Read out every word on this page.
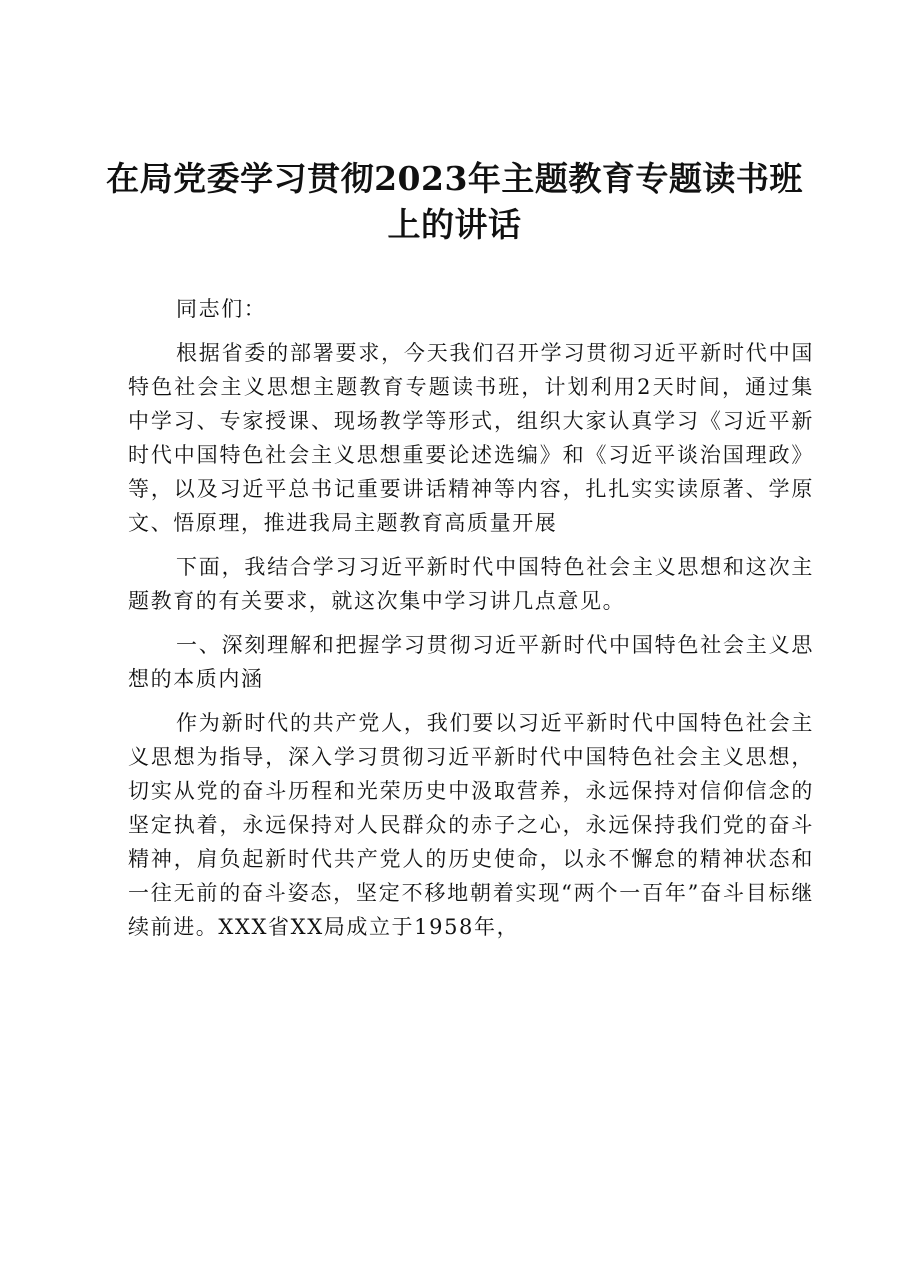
在局党委学习贯彻2023年主题教育专题读书班上的讲话

同志们：

根据省委的部署要求，今天我们召开学习贯彻习近平新时代中国特色社会主义思想主题教育专题读书班，计划利用2天时间，通过集中学习、专家授课、现场教学等形式，组织大家认真学习《习近平新时代中国特色社会主义思想重要论述选编》和《习近平谈治国理政》等，以及习近平总书记重要讲话精神等内容，扎扎实实读原著、学原文、悟原理，推进我局主题教育高质量开展

下面，我结合学习习近平新时代中国特色社会主义思想和这次主题教育的有关要求，就这次集中学习讲几点意见。

一、深刻理解和把握学习贯彻习近平新时代中国特色社会主义思想的本质内涵

作为新时代的共产党人，我们要以习近平新时代中国特色社会主义思想为指导，深入学习贯彻习近平新时代中国特色社会主义思想，切实从党的奋斗历程和光荣历史中汲取营养，永远保持对信仰信念的坚定执着，永远保持对人民群众的赤子之心，永远保持我们党的奋斗精神，肩负起新时代共产党人的历史使命，以永不懈怠的精神状态和一往无前的奋斗姿态，坚定不移地朝着实现“两个一百年”奋斗目标继续前进。XXX省XX局成立于1958年，
